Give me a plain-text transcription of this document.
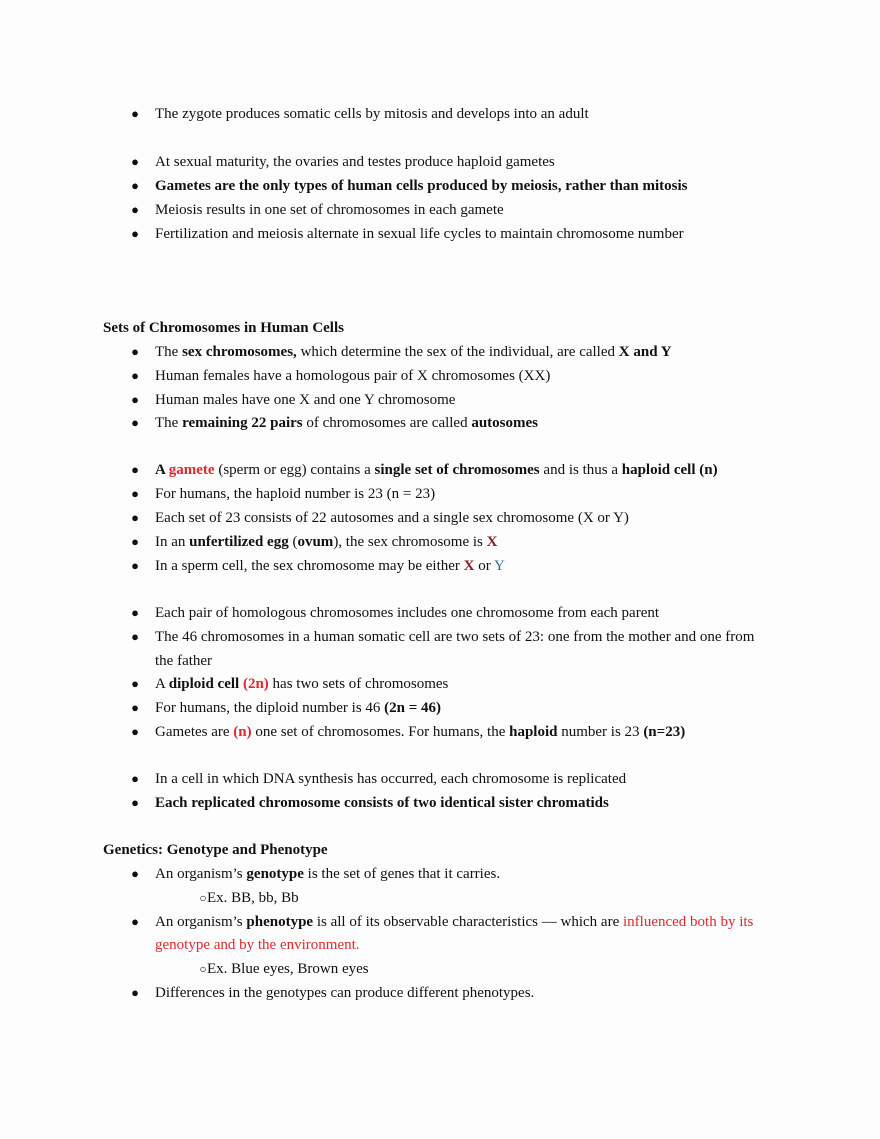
● The zygote produces somatic cells by mitosis and develops into an adult
● At sexual maturity, the ovaries and testes produce haploid gametes
● Gametes are the only types of human cells produced by meiosis, rather than mitosis
● Meiosis results in one set of chromosomes in each gamete
● Fertilization and meiosis alternate in sexual life cycles to maintain chromosome number
Sets of Chromosomes in Human Cells
● The sex chromosomes, which determine the sex of the individual, are called X and Y
● Human females have a homologous pair of X chromosomes (XX)
● Human males have one X and one Y chromosome
● The remaining 22 pairs of chromosomes are called autosomes
● A gamete (sperm or egg) contains a single set of chromosomes and is thus a haploid cell (n)
● For humans, the haploid number is 23 (n = 23)
● Each set of 23 consists of 22 autosomes and a single sex chromosome (X or Y)
● In an unfertilized egg (ovum), the sex chromosome is X
● In a sperm cell, the sex chromosome may be either X or Y
● Each pair of homologous chromosomes includes one chromosome from each parent
● The 46 chromosomes in a human somatic cell are two sets of 23: one from the mother and one from
the father
● A diploid cell (2n) has two sets of chromosomes
● For humans, the diploid number is 46 (2n = 46)
● Gametes are (n) one set of chromosomes. For humans, the haploid number is 23 (n=23)
● In a cell in which DNA synthesis has occurred, each chromosome is replicated
● Each replicated chromosome consists of two identical sister chromatids
Genetics: Genotype and Phenotype
● An organism’s genotype is the set of genes that it carries.
○ Ex. BB, bb, Bb
● An organism’s phenotype is all of its observable characteristics — which are influenced both by its
genotype and by the environment.
○ Ex. Blue eyes, Brown eyes
● Differences in the genotypes can produce different phenotypes.
